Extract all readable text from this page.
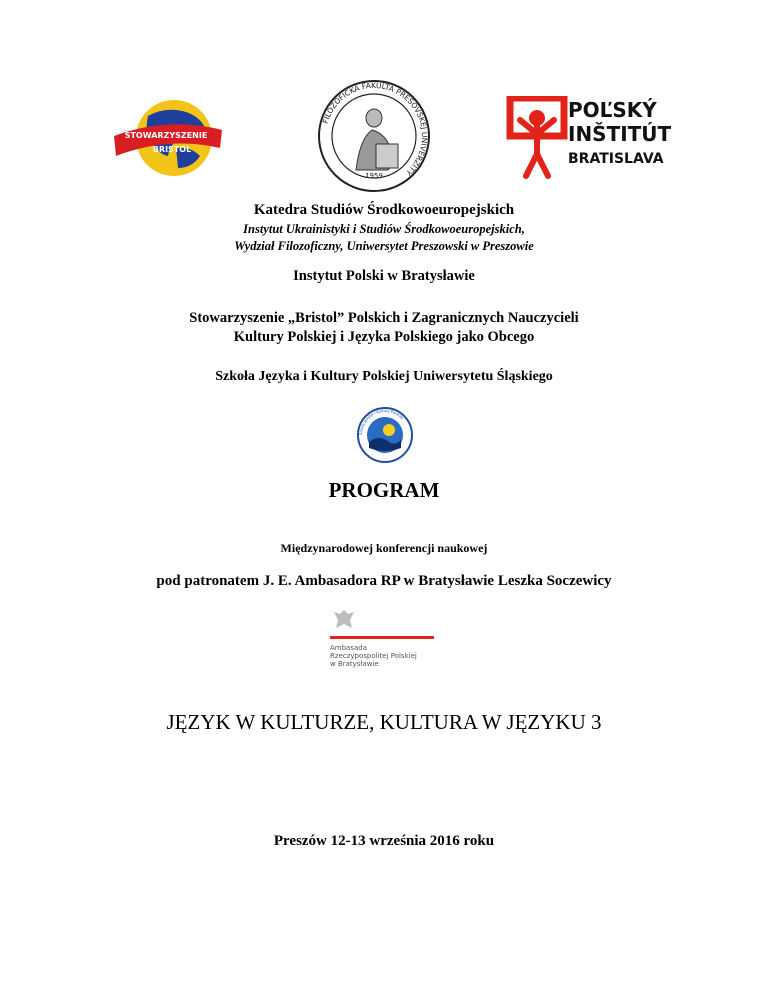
STOWARZYSZENIE
BRISTOL
FILOZOFICKÁ FAKULTA PREŠOVSKEJ UNIVERZITY
1959
POĽSKÝ
INŠTITÚT
BRATISLAVA
Katedra Studiów Środkowoeuropejskich
Instytut Ukrainistyki i Studiów Środkowoeuropejskich,
Wydział Filozoficzny, Uniwersytet Preszowski w Preszowie
Instytut Polski w Bratysławie
Stowarzyszenie „Bristol” Polskich i Zagranicznych Nauczycieli
Kultury Polskiej i Języka Polskiego jako Obcego
Szkoła Języka i Kultury Polskiej Uniwersytetu Śląskiego
Szkoła Języka i Kultury Polskiej
PROGRAM
Międzynarodowej konferencji naukowej
pod patronatem J. E. Ambasadora RP w Bratysławie Leszka Soczewicy
Ambasada
Rzeczypospolitej Polskiej
w Bratysławie
JĘZYK W KULTURZE, KULTURA W JĘZYKU 3
Preszów 12-13 września 2016 roku
